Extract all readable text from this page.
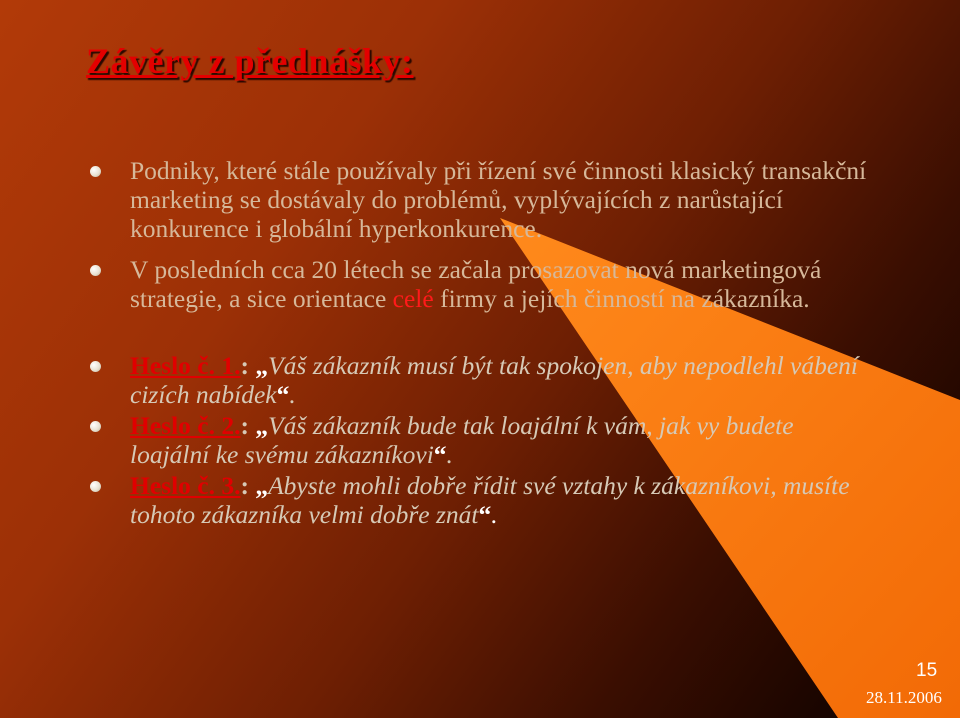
Závěry z přednášky:
Podniky, které stále používaly při řízení své činnosti klasický transakční marketing se dostávaly do problémů, vyplývajících z narůstající konkurence i globální hyperkonkurence.
V posledních cca 20 létech se začala prosazovat nová marketingová strategie, a sice orientace celé firmy a jejích činností na zákazníka.
Heslo č. 1.: „Váš zákazník musí být tak spokojen, aby nepodlehl vábení cizích nabídek“.
Heslo č. 2.: „Váš zákazník bude tak loajální k vám, jak vy budete loajální ke svému zákazníkovi“.
Heslo č. 3.: „Abyste mohli dobře řídit své vztahy k zákazníkovi, musíte tohoto zákazníka velmi dobře znát“.
15
28.11.2006
